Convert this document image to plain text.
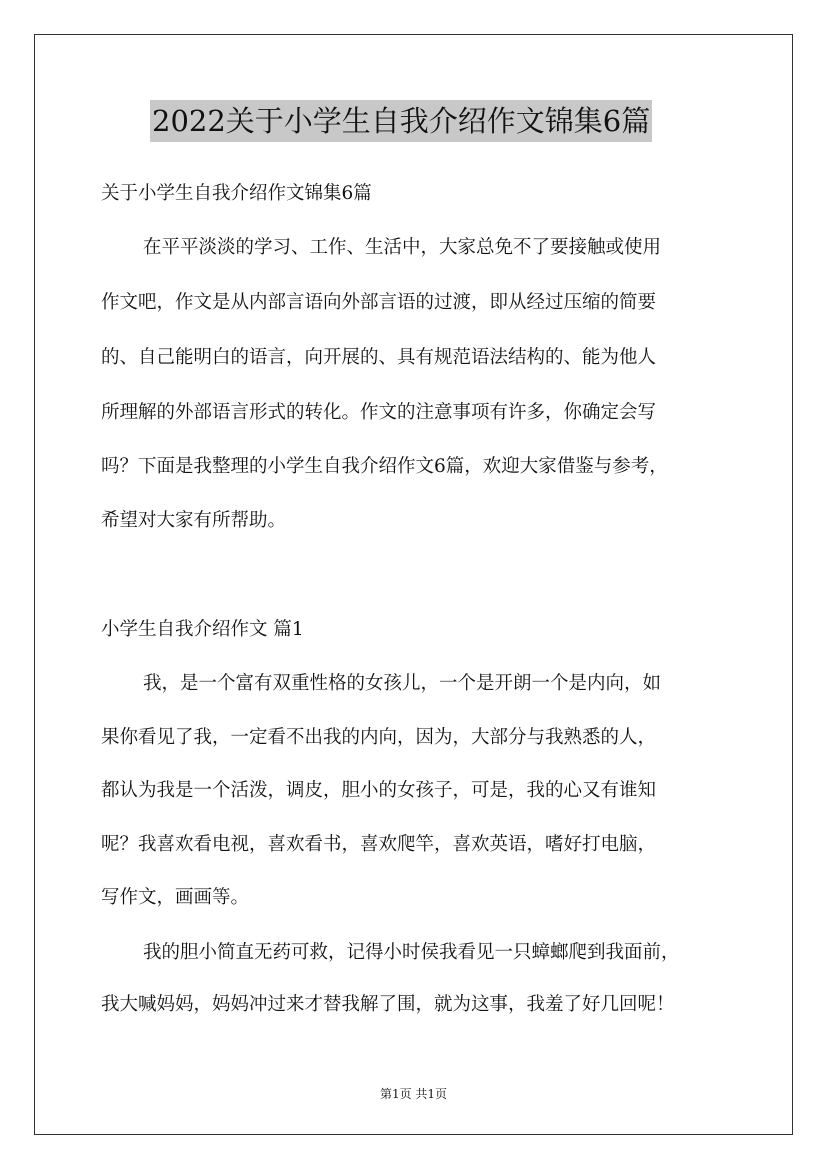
2022关于小学生自我介绍作文锦集6篇
关于小学生自我介绍作文锦集6篇
在平平淡淡的学习、工作、生活中，大家总免不了要接触或使用
作文吧，作文是从内部言语向外部言语的过渡，即从经过压缩的简要
的、自己能明白的语言，向开展的、具有规范语法结构的、能为他人
所理解的外部语言形式的转化。作文的注意事项有许多，你确定会写
吗？下面是我整理的小学生自我介绍作文6篇，欢迎大家借鉴与参考，
希望对大家有所帮助。
小学生自我介绍作文 篇1
我，是一个富有双重性格的女孩儿，一个是开朗一个是内向，如
果你看见了我，一定看不出我的内向，因为，大部分与我熟悉的人，
都认为我是一个活泼，调皮，胆小的女孩子，可是，我的心又有谁知
呢？我喜欢看电视，喜欢看书，喜欢爬竿，喜欢英语，嗜好打电脑，
写作文，画画等。
我的胆小简直无药可救，记得小时侯我看见一只蟑螂爬到我面前，
我大喊妈妈，妈妈冲过来才替我解了围，就为这事，我羞了好几回呢！
第1页 共1页
